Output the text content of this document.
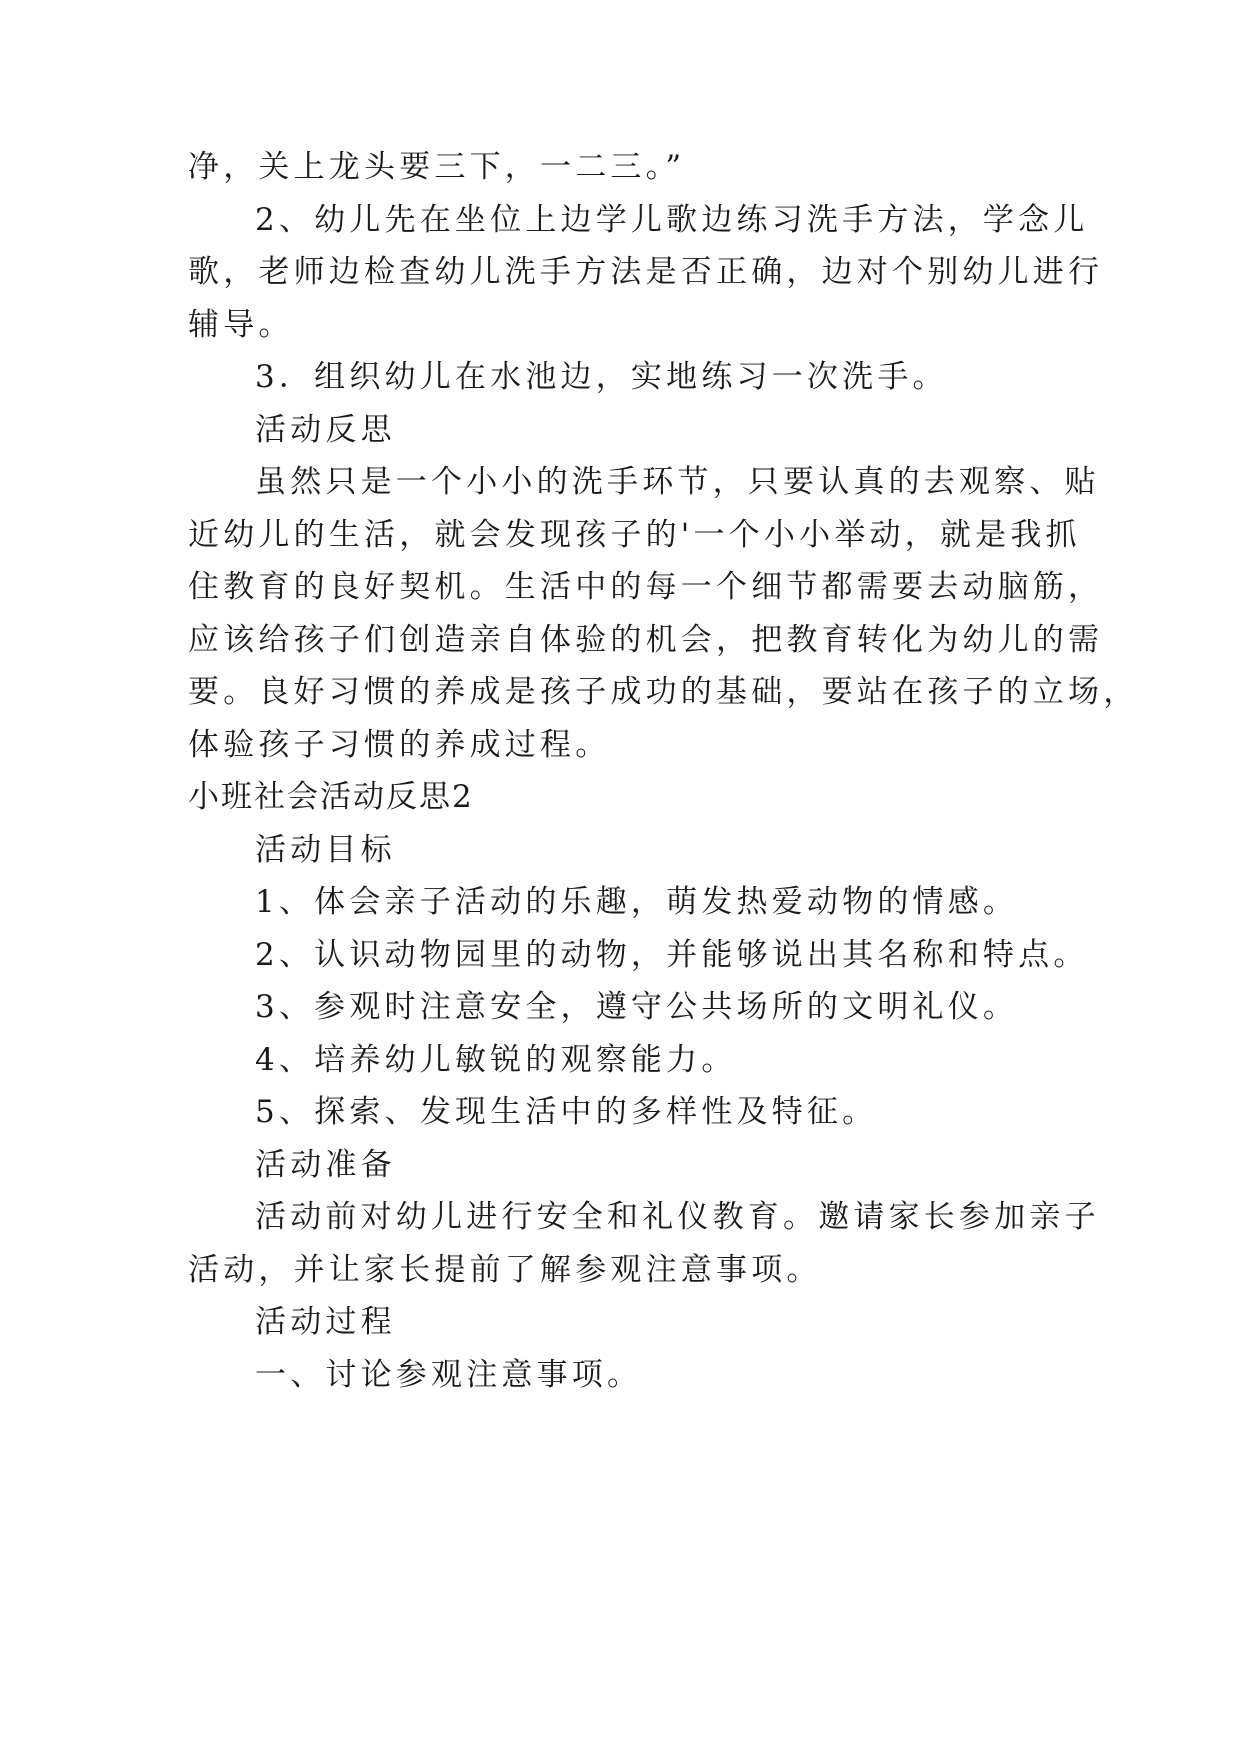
净，关上龙头要三下，一二三。”

2、幼儿先在坐位上边学儿歌边练习洗手方法，学念儿

歌，老师边检查幼儿洗手方法是否正确，边对个别幼儿进行

辅导。

3．组织幼儿在水池边，实地练习一次洗手。

活动反思

虽然只是一个小小的洗手环节，只要认真的去观察、贴

近幼儿的生活，就会发现孩子的'一个小小举动，就是我抓

住教育的良好契机。生活中的每一个细节都需要去动脑筋，

应该给孩子们创造亲自体验的机会，把教育转化为幼儿的需

要。良好习惯的养成是孩子成功的基础，要站在孩子的立场，

体验孩子习惯的养成过程。

小班社会活动反思2

活动目标

1、体会亲子活动的乐趣，萌发热爱动物的情感。

2、认识动物园里的动物，并能够说出其名称和特点。

3、参观时注意安全，遵守公共场所的文明礼仪。

4、培养幼儿敏锐的观察能力。

5、探索、发现生活中的多样性及特征。

活动准备

活动前对幼儿进行安全和礼仪教育。邀请家长参加亲子

活动，并让家长提前了解参观注意事项。

活动过程

一、讨论参观注意事项。
